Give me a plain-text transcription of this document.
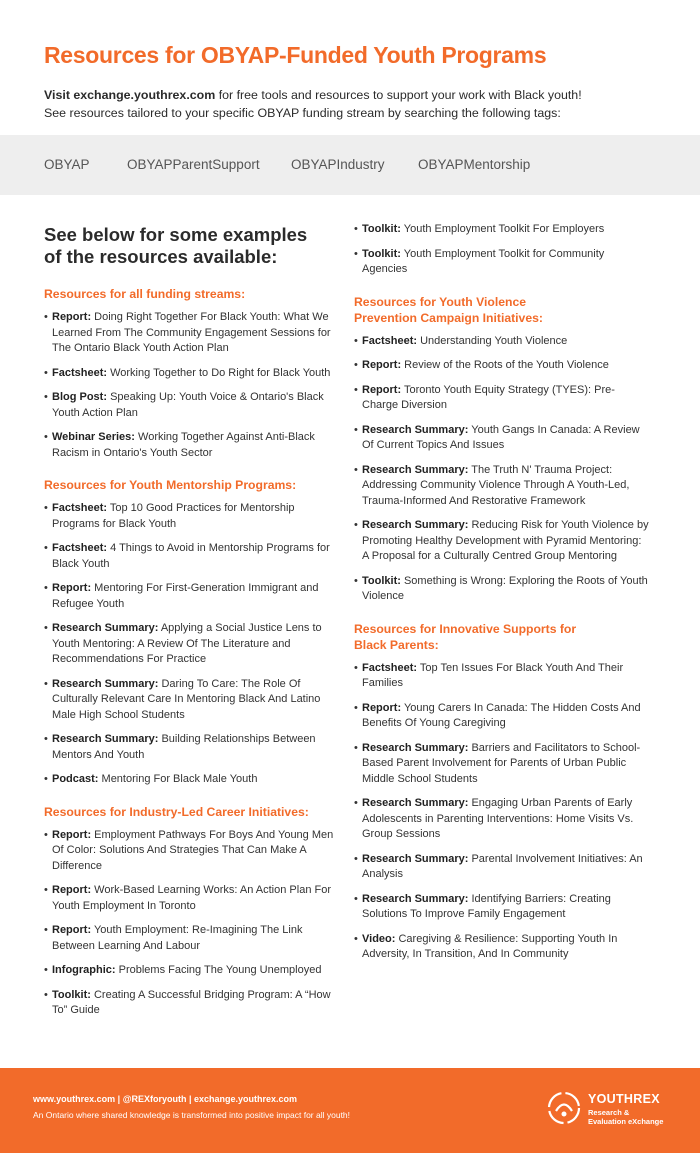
Resources for OBYAP-Funded Youth Programs
Visit exchange.youthrex.com for free tools and resources to support your work with Black youth!
See resources tailored to your specific OBYAP funding stream by searching the following tags:
OBYAP	OBYAPParentSupport OBYAPIndustry OBYAPMentorship
See below for some examples
of the resources available:
Resources for all funding streams:
• Report: Doing Right Together For Black Youth: What We Learned From The Community Engagement Sessions for The Ontario Black Youth Action Plan
• Factsheet: Working Together to Do Right for Black Youth
• Blog Post: Speaking Up: Youth Voice & Ontario's Black Youth Action Plan
• Webinar Series: Working Together Against Anti-Black Racism in Ontario's Youth Sector
Resources for Youth Mentorship Programs:
• Factsheet: Top 10 Good Practices for Mentorship Programs for Black Youth
• Factsheet: 4 Things to Avoid in Mentorship Programs for Black Youth
• Report: Mentoring For First-Generation Immigrant and Refugee Youth
• Research Summary: Applying a Social Justice Lens to Youth Mentoring: A Review Of The Literature and Recommendations For Practice
• Research Summary: Daring To Care: The Role Of Culturally Relevant Care In Mentoring Black And Latino Male High School Students
• Research Summary: Building Relationships Between Mentors And Youth
• Podcast: Mentoring For Black Male Youth
Resources for Industry-Led Career Initiatives:
• Report: Employment Pathways For Boys And Young Men Of Color: Solutions And Strategies That Can Make A Difference
• Report: Work-Based Learning Works: An Action Plan For Youth Employment In Toronto
• Report: Youth Employment: Re-Imagining The Link Between Learning And Labour
• Infographic: Problems Facing The Young Unemployed
• Toolkit: Creating A Successful Bridging Program: A “How To” Guide
• Toolkit: Youth Employment Toolkit For Employers
• Toolkit: Youth Employment Toolkit for Community Agencies
Resources for Youth Violence
Prevention Campaign Initiatives:
• Factsheet: Understanding Youth Violence
• Report: Review of the Roots of the Youth Violence
• Report: Toronto Youth Equity Strategy (TYES): Pre-Charge Diversion
• Research Summary: Youth Gangs In Canada: A Review Of Current Topics And Issues
• Research Summary: The Truth N' Trauma Project: Addressing Community Violence Through A Youth-Led, Trauma-Informed And Restorative Framework
• Research Summary: Reducing Risk for Youth Violence by Promoting Healthy Development with Pyramid Mentoring: A Proposal for a Culturally Centred Group Mentoring
• Toolkit: Something is Wrong: Exploring the Roots of Youth Violence
Resources for Innovative Supports for
Black Parents:
• Factsheet: Top Ten Issues For Black Youth And Their Families
• Report: Young Carers In Canada: The Hidden Costs And Benefits Of Young Caregiving
• Research Summary: Barriers and Facilitators to School-Based Parent Involvement for Parents of Urban Public Middle School Students
• Research Summary: Engaging Urban Parents of Early Adolescents in Parenting Interventions: Home Visits Vs. Group Sessions
• Research Summary: Parental Involvement Initiatives: An Analysis
• Research Summary: Identifying Barriers: Creating Solutions To Improve Family Engagement
• Video: Caregiving & Resilience: Supporting Youth In Adversity, In Transition, And In Community
www.youthrex.com | @REXforyouth | exchange.youthrex.com
An Ontario where shared knowledge is transformed into positive impact for all youth!
YOUTHREX
Research &
Evaluation eXchange
